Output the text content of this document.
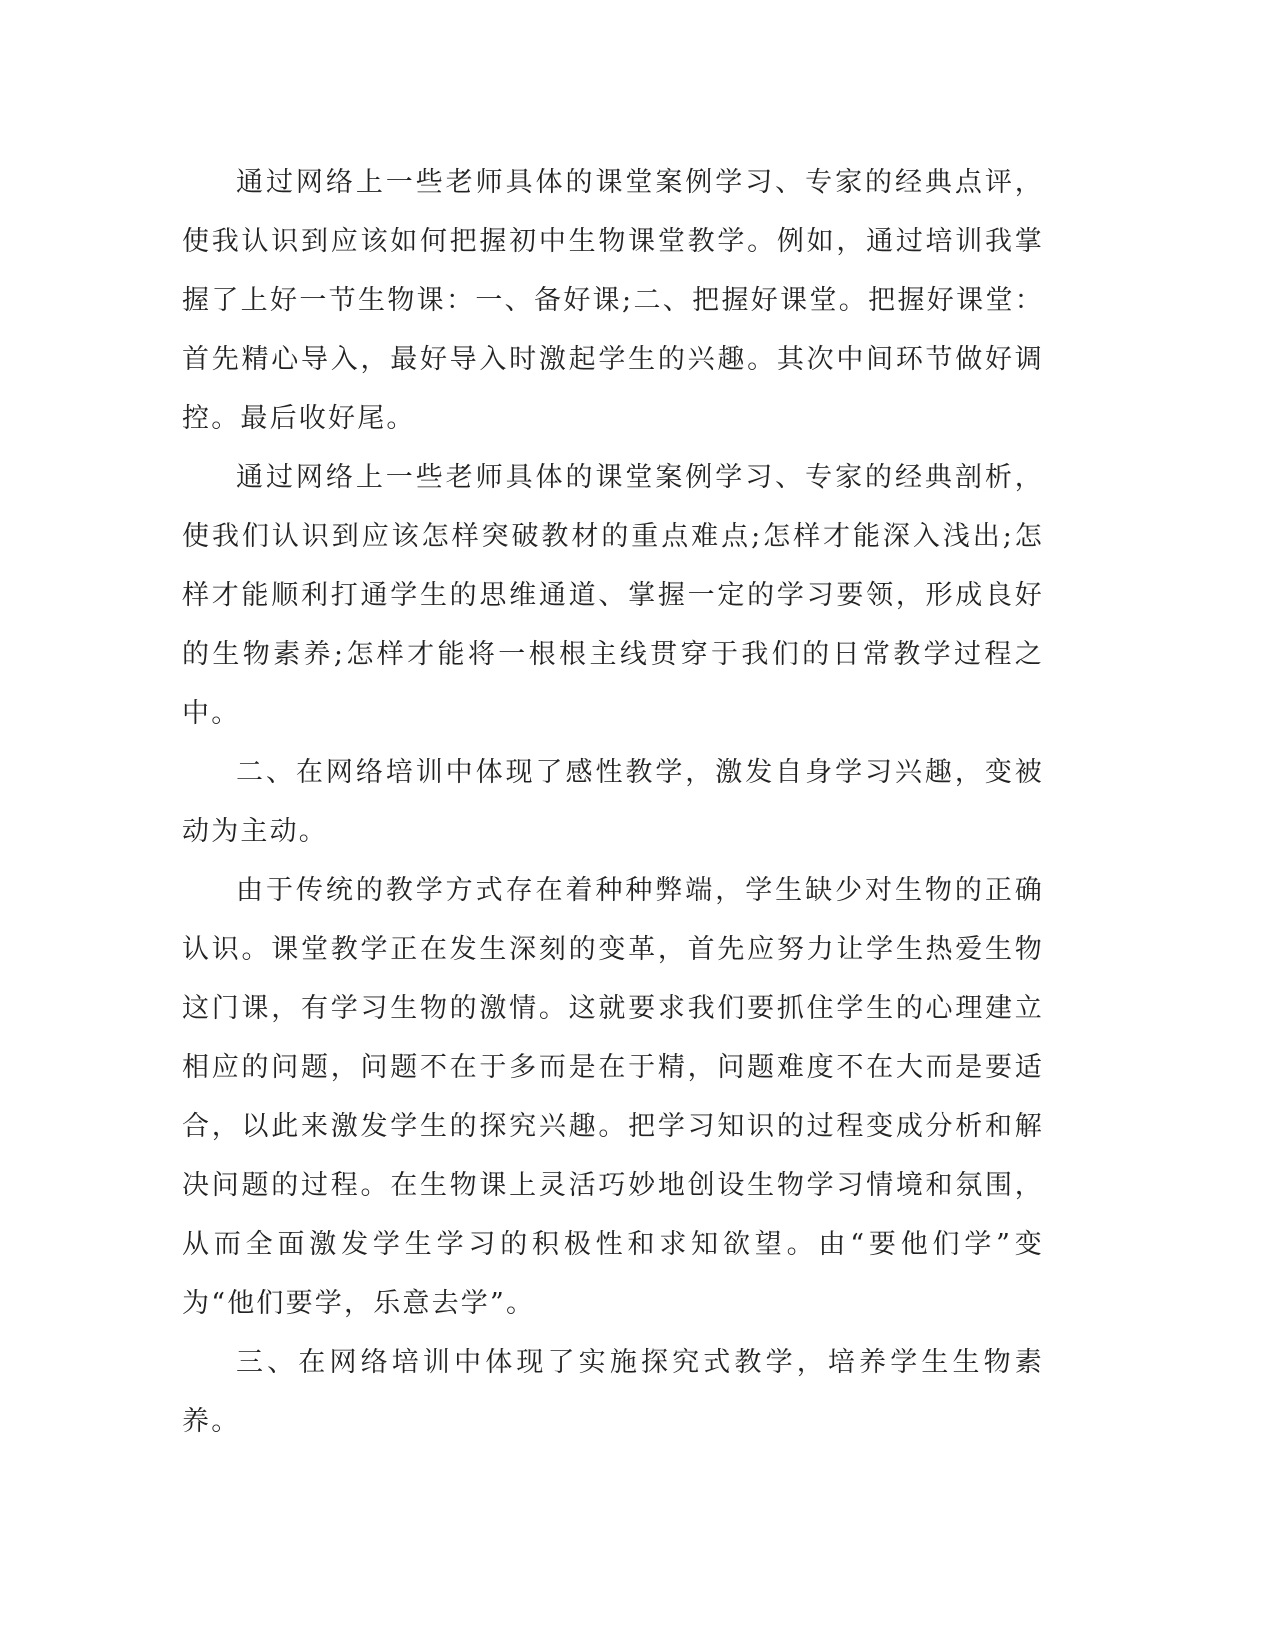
通过网络上一些老师具体的课堂案例学习、专家的经典点评，使我认识到应该如何把握初中生物课堂教学。例如，通过培训我掌握了上好一节生物课：一、备好课;二、把握好课堂。把握好课堂：首先精心导入，最好导入时激起学生的兴趣。其次中间环节做好调控。最后收好尾。

通过网络上一些老师具体的课堂案例学习、专家的经典剖析，使我们认识到应该怎样突破教材的重点难点;怎样才能深入浅出;怎样才能顺利打通学生的思维通道、掌握一定的学习要领，形成良好的生物素养;怎样才能将一根根主线贯穿于我们的日常教学过程之中。

二、在网络培训中体现了感性教学，激发自身学习兴趣，变被动为主动。

由于传统的教学方式存在着种种弊端，学生缺少对生物的正确认识。课堂教学正在发生深刻的变革，首先应努力让学生热爱生物这门课，有学习生物的激情。这就要求我们要抓住学生的心理建立相应的问题，问题不在于多而是在于精，问题难度不在大而是要适合，以此来激发学生的探究兴趣。把学习知识的过程变成分析和解决问题的过程。在生物课上灵活巧妙地创设生物学习情境和氛围，从而全面激发学生学习的积极性和求知欲望。由“要他们学”变为“他们要学，乐意去学”。

三、在网络培训中体现了实施探究式教学，培养学生生物素养。
